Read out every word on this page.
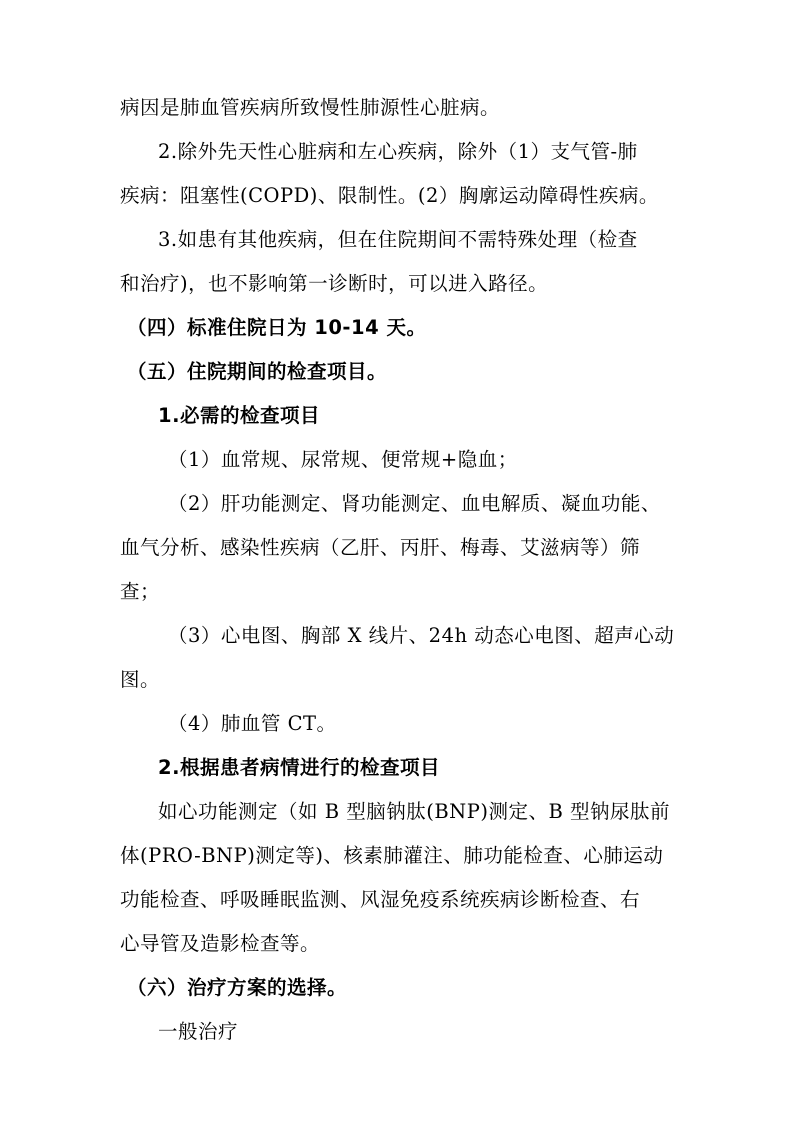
病因是肺血管疾病所致慢性肺源性心脏病。
2.除外先天性心脏病和左心疾病，除外（1）支气管-肺
疾病：阻塞性(COPD)、限制性。(2）胸廓运动障碍性疾病。
3.如患有其他疾病，但在住院期间不需特殊处理（检查
和治疗)，也不影响第一诊断时，可以进入路径。
（四）标准住院日为 10-14 天。
（五）住院期间的检查项目。
1.必需的检查项目
（1）血常规、尿常规、便常规+隐血；
（2）肝功能测定、肾功能测定、血电解质、凝血功能、
血气分析、感染性疾病（乙肝、丙肝、梅毒、艾滋病等）筛
查；
（3）心电图、胸部 X 线片、24h 动态心电图、超声心动
图。
（4）肺血管 CT。
2.根据患者病情进行的检查项目
如心功能测定（如 B 型脑钠肽(BNP)测定、B 型钠尿肽前
体(PRO-BNP)测定等)、核素肺灌注、肺功能检查、心肺运动
功能检查、呼吸睡眠监测、风湿免疫系统疾病诊断检查、右
心导管及造影检查等。
（六）治疗方案的选择。
一般治疗
